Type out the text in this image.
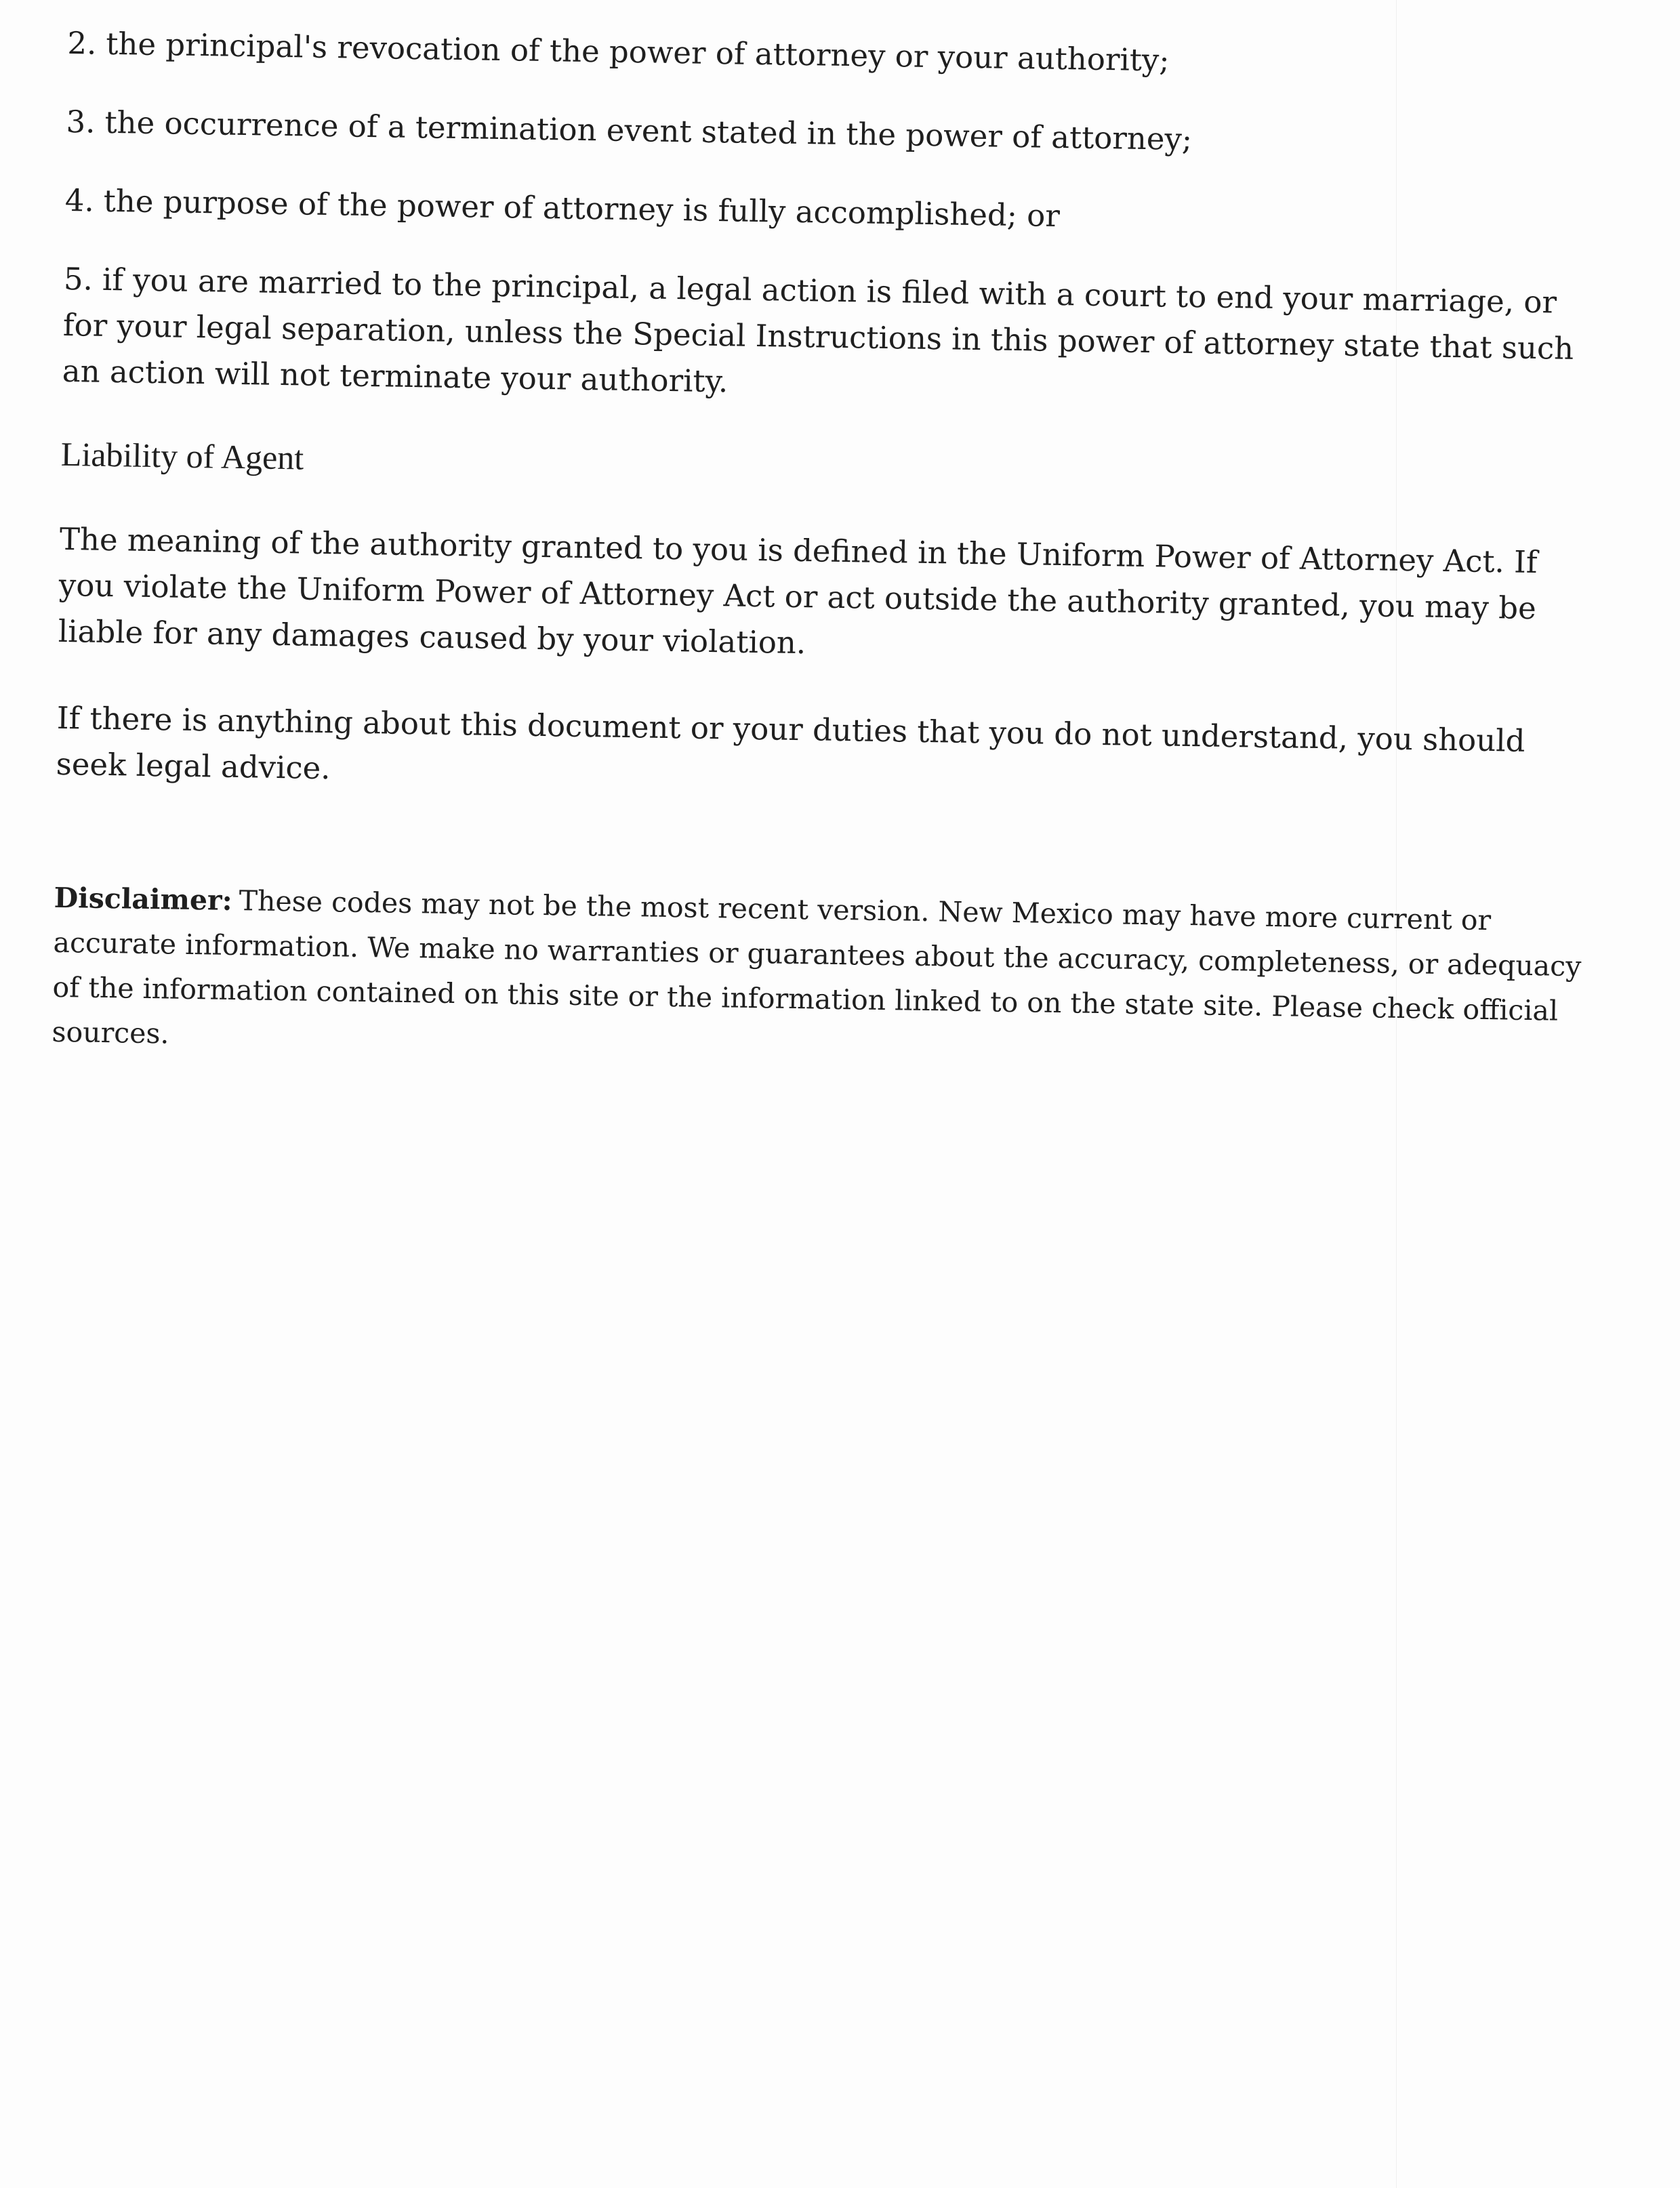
2. the principal's revocation of the power of attorney or your authority;
3. the occurrence of a termination event stated in the power of attorney;
4. the purpose of the power of attorney is fully accomplished; or
5. if you are married to the principal, a legal action is filed with a court to end your marriage, or for your legal separation, unless the Special Instructions in this power of attorney state that such an action will not terminate your authority.
Liability of Agent

The meaning of the authority granted to you is defined in the Uniform Power of Attorney Act. If you violate the Uniform Power of Attorney Act or act outside the authority granted, you may be liable for any damages caused by your violation.

If there is anything about this document or your duties that you do not understand, you should seek legal advice.

Disclaimer: These codes may not be the most recent version. New Mexico may have more current or accurate information. We make no warranties or guarantees about the accuracy, completeness, or adequacy of the information contained on this site or the information linked to on the state site. Please check official sources.
